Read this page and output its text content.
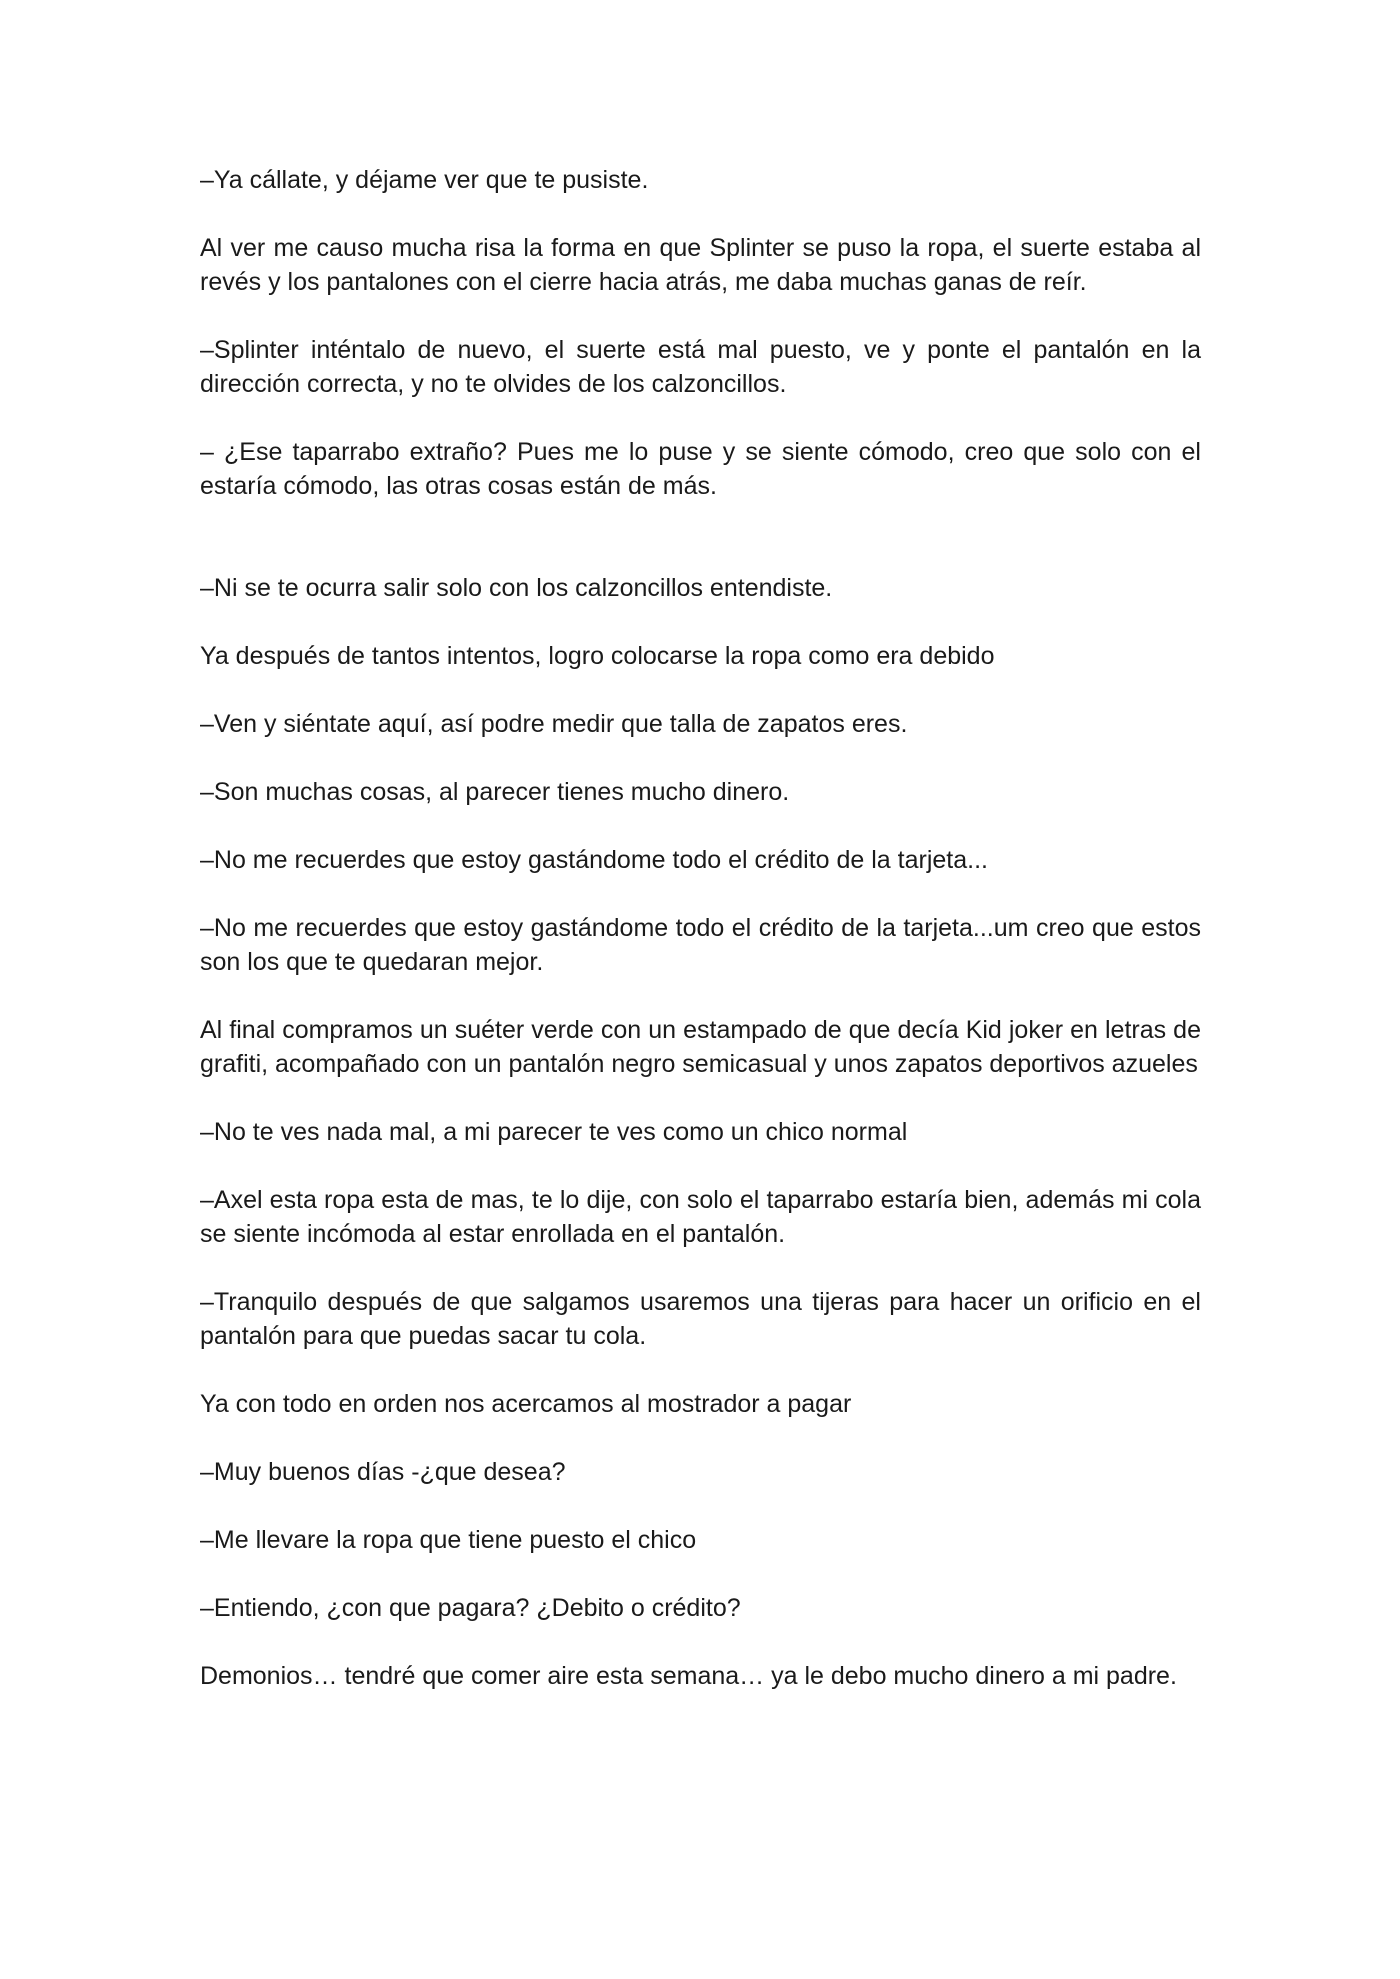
–Ya cállate, y déjame ver que te pusiste.

Al ver me causo mucha risa la forma en que Splinter se puso la ropa, el suerte estaba al revés y los pantalones con el cierre hacia atrás, me daba muchas ganas de reír.

–Splinter inténtalo de nuevo, el suerte está mal puesto, ve y ponte el pantalón en la dirección correcta, y no te olvides de los calzoncillos.

– ¿Ese taparrabo extraño? Pues me lo puse y se siente cómodo, creo que solo con el estaría cómodo, las otras cosas están de más.

–Ni se te ocurra salir solo con los calzoncillos entendiste.

Ya después de tantos intentos, logro colocarse la ropa como era debido

–Ven y siéntate aquí, así podre medir que talla de zapatos eres.

–Son muchas cosas, al parecer tienes mucho dinero.

–No me recuerdes que estoy gastándome todo el crédito de la tarjeta...

–No me recuerdes que estoy gastándome todo el crédito de la tarjeta...um creo que estos son los que te quedaran mejor.

Al final compramos un suéter verde con un estampado de que decía Kid joker en letras de grafiti, acompañado con un pantalón negro semicasual y unos zapatos deportivos azueles

–No te ves nada mal, a mi parecer te ves como un chico normal

–Axel esta ropa esta de mas, te lo dije, con solo el taparrabo estaría bien, además mi cola se siente incómoda al estar enrollada en el pantalón.

–Tranquilo después de que salgamos usaremos una tijeras para hacer un orificio en el pantalón para que puedas sacar tu cola.

Ya con todo en orden nos acercamos al mostrador a pagar

–Muy buenos días -¿que desea?

–Me llevare la ropa que tiene puesto el chico

–Entiendo, ¿con que pagara? ¿Debito o crédito?

Demonios… tendré que comer aire esta semana… ya le debo mucho dinero a mi padre.
